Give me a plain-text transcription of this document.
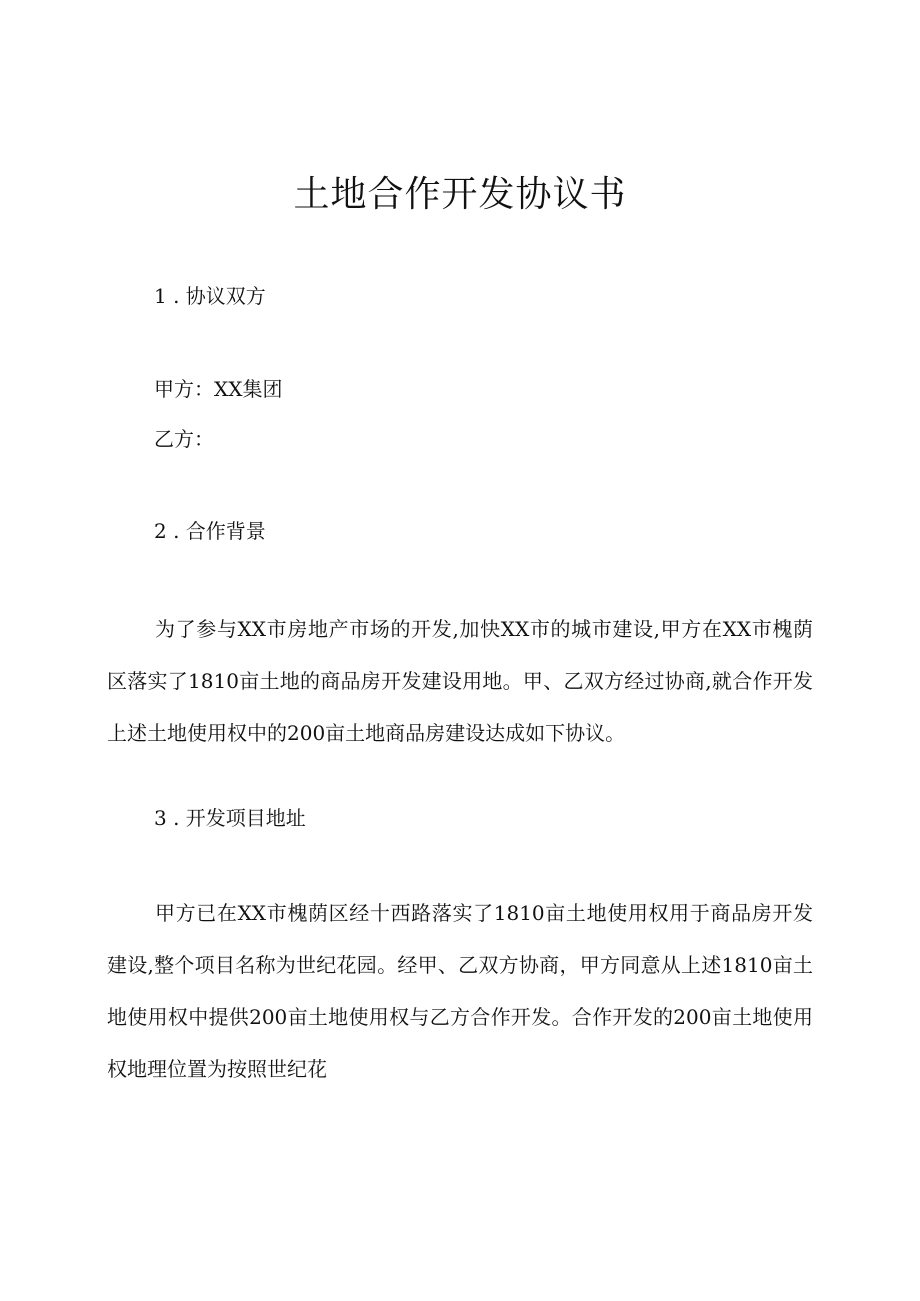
土地合作开发协议书

1 . 协议双方

甲方：XX集团

乙方：

2 . 合作背景

为了参与XX市房地产市场的开发,加快XX市的城市建设,甲方在XX市槐荫区落实了1810亩土地的商品房开发建设用地。甲、乙双方经过协商,就合作开发上述土地使用权中的200亩土地商品房建设达成如下协议。

3 . 开发项目地址

甲方已在XX市槐荫区经十西路落实了1810亩土地使用权用于商品房开发建设,整个项目名称为世纪花园。经甲、乙双方协商，甲方同意从上述1810亩土地使用权中提供200亩土地使用权与乙方合作开发。合作开发的200亩土地使用权地理位置为按照世纪花
